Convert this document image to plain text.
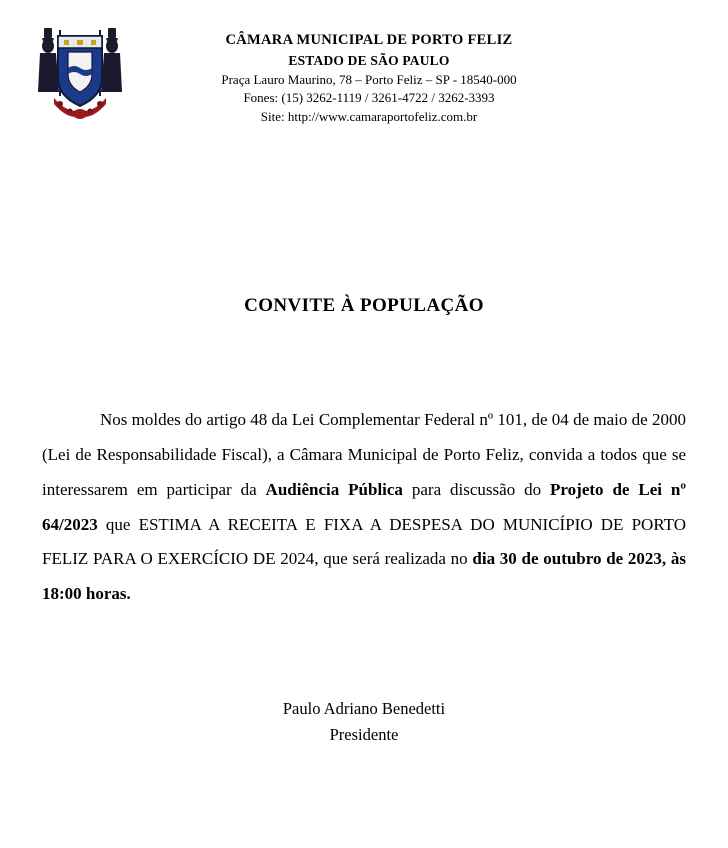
CÂMARA MUNICIPAL DE PORTO FELIZ
ESTADO DE SÃO PAULO
Praça Lauro Maurino, 78 – Porto Feliz – SP - 18540-000
Fones: (15) 3262-1119 / 3261-4722 / 3262-3393
Site: http://www.camaraportofeliz.com.br
CONVITE À POPULAÇÃO
Nos moldes do artigo 48 da Lei Complementar Federal nº 101, de 04 de maio de 2000 (Lei de Responsabilidade Fiscal), a Câmara Municipal de Porto Feliz, convida a todos que se interessarem em participar da Audiência Pública para discussão do Projeto de Lei nº 64/2023 que ESTIMA A RECEITA E FIXA A DESPESA DO MUNICÍPIO DE PORTO FELIZ PARA O EXERCÍCIO DE 2024, que será realizada no dia 30 de outubro de 2023, às 18:00 horas.
Paulo Adriano Benedetti
Presidente
